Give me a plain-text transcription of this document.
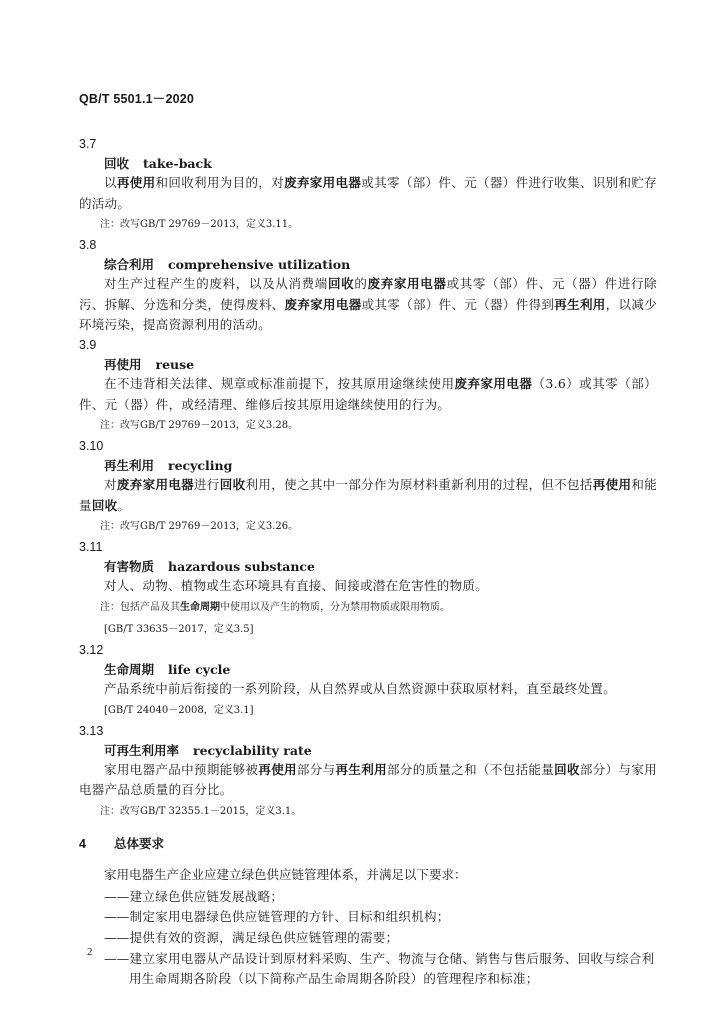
QB/T 5501.1－2020
3.7
回收 take-back
以再使用和回收利用为目的，对废弃家用电器或其零（部）件、元（器）件进行收集、识别和贮存的活动。
注：改写GB/T 29769－2013，定义3.11。
3.8
综合利用 comprehensive utilization
对生产过程产生的废料，以及从消费端回收的废弃家用电器或其零（部）件、元（器）件进行除污、拆解、分选和分类，使得废料、废弃家用电器或其零（部）件、元（器）件得到再生利用，以减少环境污染，提高资源利用的活动。
3.9
再使用 reuse
在不违背相关法律、规章或标准前提下，按其原用途继续使用废弃家用电器（3.6）或其零（部）件、元（器）件，或经清理、维修后按其原用途继续使用的行为。
注：改写GB/T 29769－2013，定义3.28。
3.10
再生利用 recycling
对废弃家用电器进行回收利用，使之其中一部分作为原材料重新利用的过程，但不包括再使用和能量回收。
注：改写GB/T 29769－2013，定义3.26。
3.11
有害物质 hazardous substance
对人、动物、植物或生态环境具有直接、间接或潜在危害性的物质。
注：包括产品及其生命周期中使用以及产生的物质，分为禁用物质或限用物质。
[GB/T 33635－2017，定义3.5]
3.12
生命周期 life cycle
产品系统中前后衔接的一系列阶段，从自然界或从自然资源中获取原材料，直至最终处置。
[GB/T 24040－2008，定义3.1]
3.13
可再生利用率 recyclability rate
家用电器产品中预期能够被再使用部分与再生利用部分的质量之和（不包括能量回收部分）与家用电器产品总质量的百分比。
注：改写GB/T 32355.1－2015，定义3.1。
4 总体要求
家用电器生产企业应建立绿色供应链管理体系，并满足以下要求：
——建立绿色供应链发展战略；
——制定家用电器绿色供应链管理的方针、目标和组织机构；
——提供有效的资源，满足绿色供应链管理的需要；
——建立家用电器从产品设计到原材料采购、生产、物流与仓储、销售与售后服务、回收与综合利用生命周期各阶段（以下简称产品生命周期各阶段）的管理程序和标准；
2
